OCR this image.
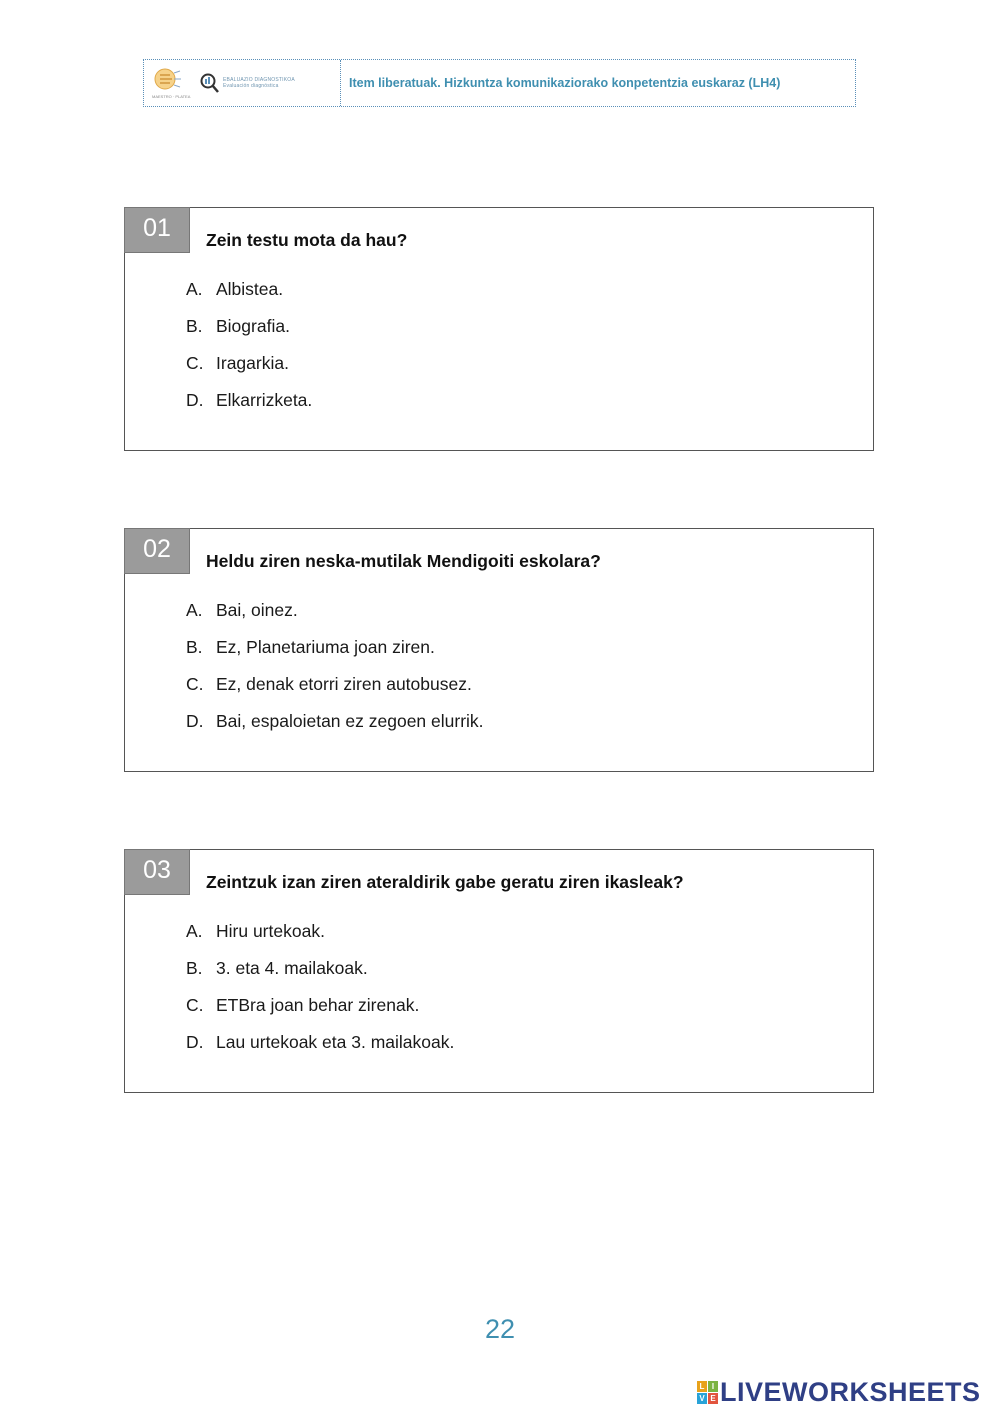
MAESTRO · PLATEA
EBALUAZIO DIAGNOSTIKOA
Evaluación diagnóstica	Item liberatuak. Hizkuntza komunikaziorako konpetentzia euskaraz (LH4)
01	Zein testu mota da hau?
A. Albistea.
B. Biografia.
C. Iragarkia.
D. Elkarrizketa.
02	Heldu ziren neska-mutilak Mendigoiti eskolara?
A. Bai, oinez.
B. Ez, Planetariuma joan ziren.
C. Ez, denak etorri ziren autobusez.
D. Bai, espaloietan ez zegoen elurrik.
03	Zeintzuk izan ziren ateraldirik gabe geratu ziren ikasleak?
A. Hiru urtekoak.
B. 3. eta 4. mailakoak.
C. ETBra joan behar zirenak.
D. Lau urtekoak eta 3. mailakoak.
22
L I
V E LIVEWORKSHEETS
